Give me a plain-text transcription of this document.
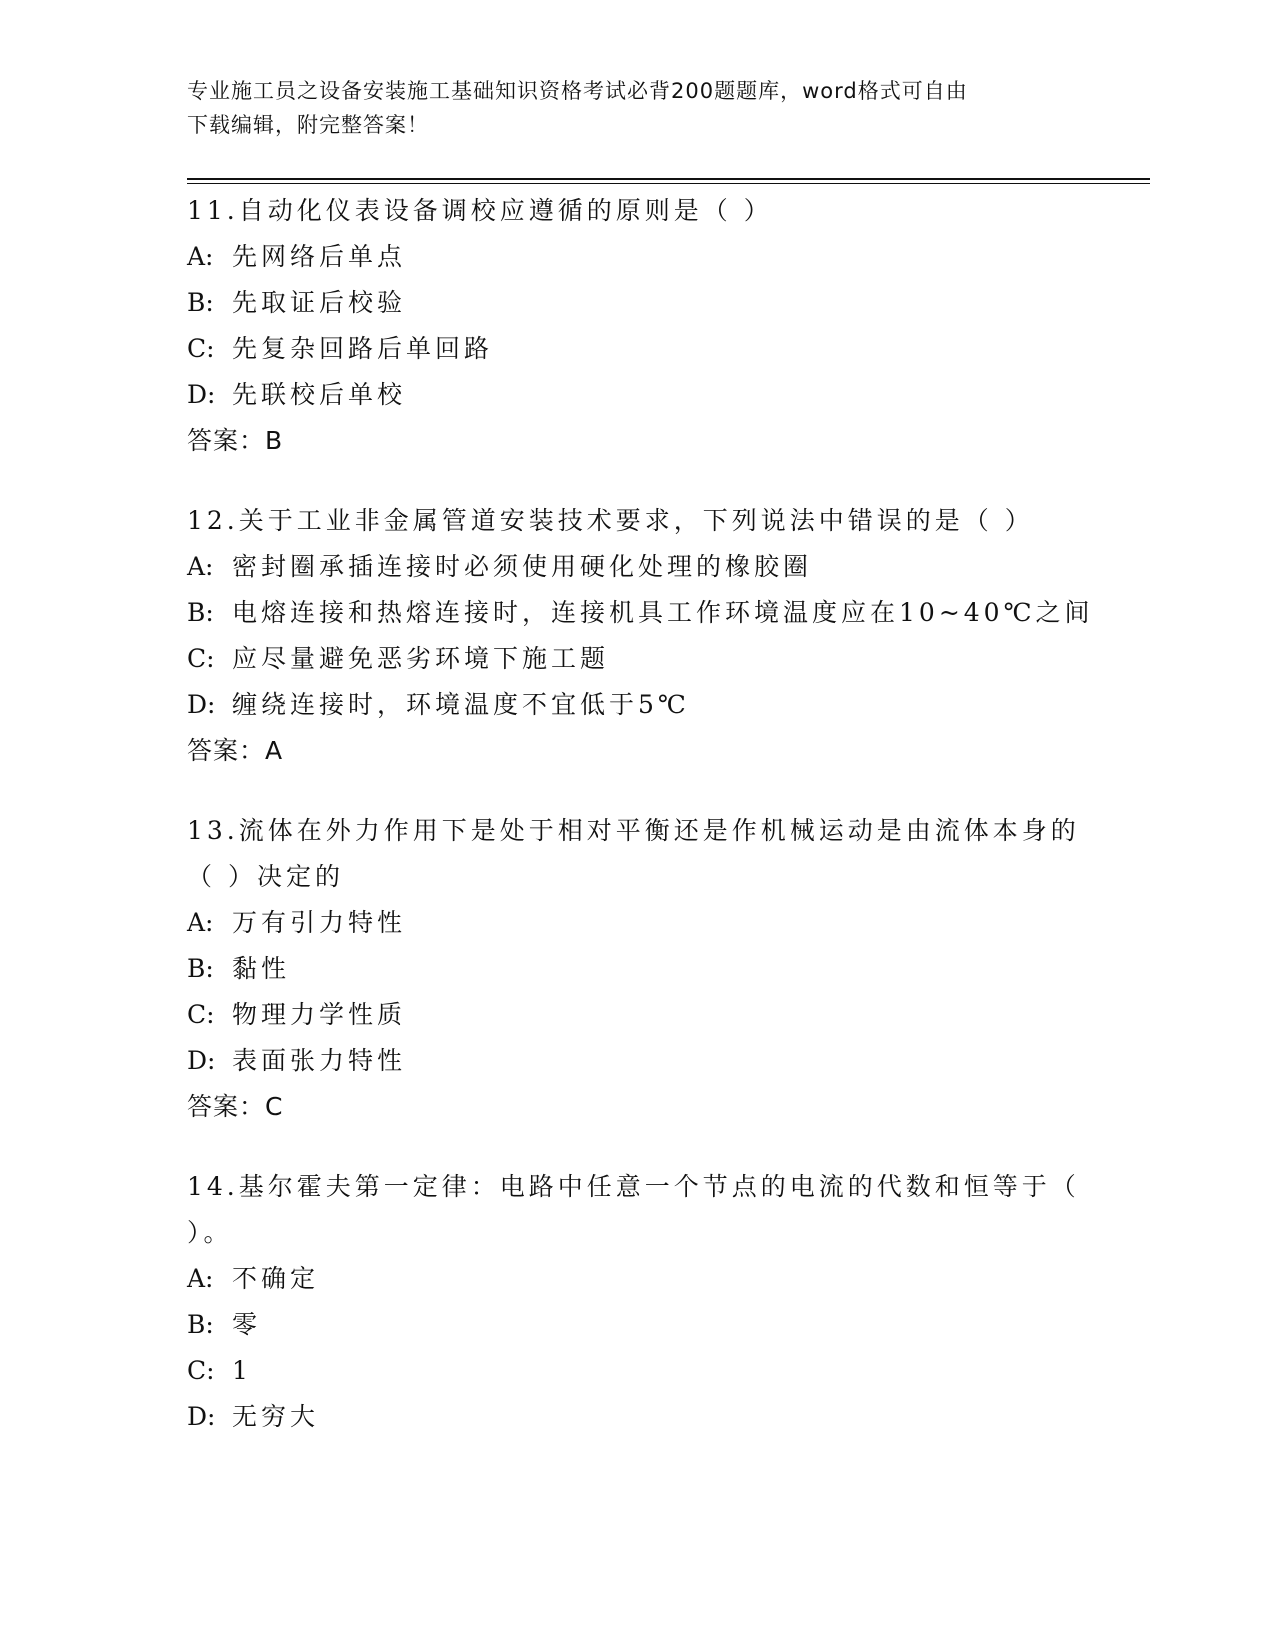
专业施工员之设备安装施工基础知识资格考试必背200题题库，word格式可自由
下载编辑，附完整答案！
11.自动化仪表设备调校应遵循的原则是（ ）
A: 先网络后单点
B: 先取证后校验
C: 先复杂回路后单回路
D: 先联校后单校
答案：B
12.关于工业非金属管道安装技术要求，下列说法中错误的是（ ）
A: 密封圈承插连接时必须使用硬化处理的橡胶圈
B: 电熔连接和热熔连接时，连接机具工作环境温度应在10~40℃之间
C: 应尽量避免恶劣环境下施工题
D: 缠绕连接时，环境温度不宜低于5℃
答案：A
13.流体在外力作用下是处于相对平衡还是作机械运动是由流体本身的（ ）决定的
A: 万有引力特性
B: 黏性
C: 物理力学性质
D: 表面张力特性
答案：C
14.基尔霍夫第一定律：电路中任意一个节点的电流的代数和恒等于（ ）。
A: 不确定
B: 零
C: 1
D: 无穷大
